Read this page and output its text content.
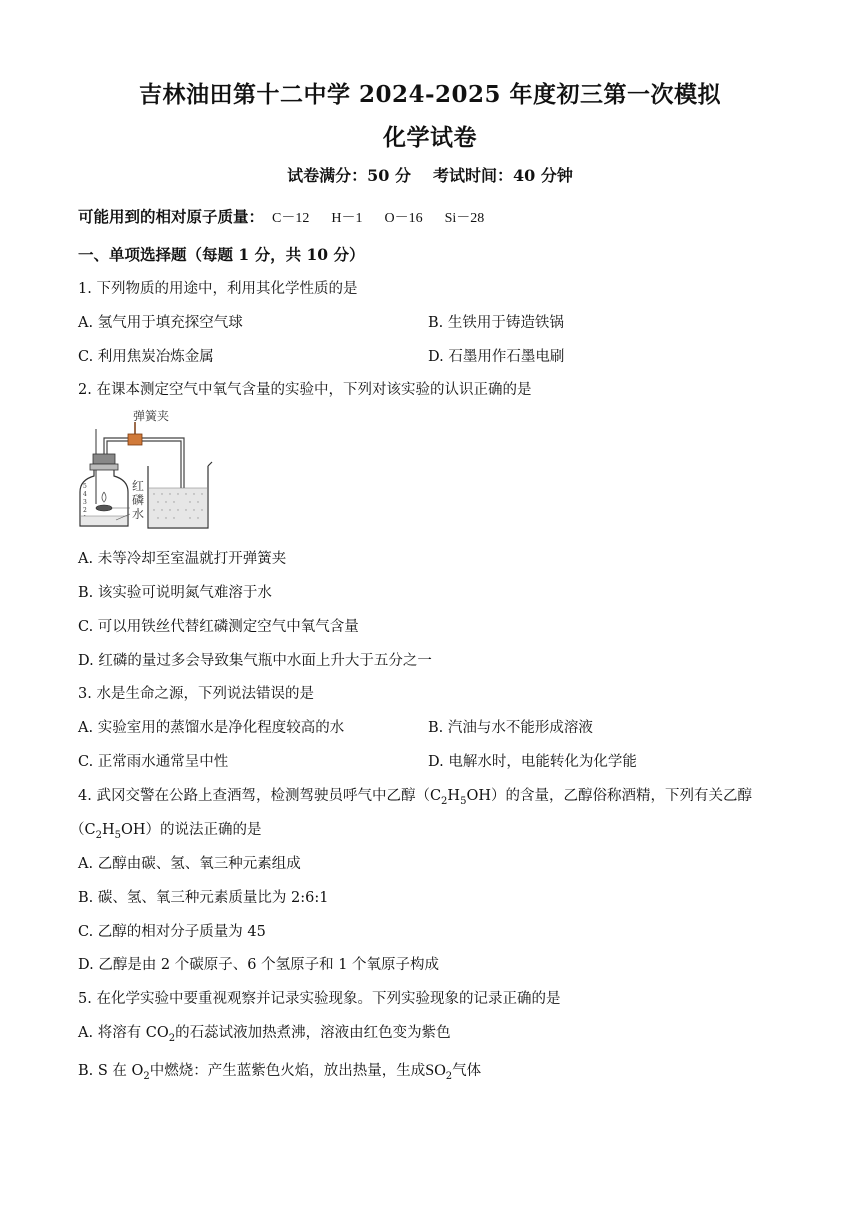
吉林油田第十二中学 2024-2025 年度初三第一次模拟
化学试卷
试卷满分：50 分 考试时间：40 分钟
可能用到的相对原子质量： C－12 H－1 O－16 Si－28
一、单项选择题（每题 1 分，共 10 分）
1. 下列物质的用途中，利用其化学性质的是
A. 氢气用于填充探空气球	B. 生铁用于铸造铁锅
C. 利用焦炭冶炼金属	D. 石墨用作石墨电刷
2. 在课本测定空气中氧气含量的实验中，下列对该实验的认识正确的是
弹簧夹
5
4
3
2
红
磷
水
A. 未等冷却至室温就打开弹簧夹
B. 该实验可说明氮气难溶于水
C. 可以用铁丝代替红磷测定空气中氧气含量
D. 红磷的量过多会导致集气瓶中水面上升大于五分之一
3. 水是生命之源，下列说法错误的是
A. 实验室用的蒸馏水是净化程度较高的水	B. 汽油与水不能形成溶液
C. 正常雨水通常呈中性	D. 电解水时，电能转化为化学能
4. 武冈交警在公路上查酒驾，检测驾驶员呼气中乙醇$(C_2H_5OH)$的含量，乙醇俗称酒精，下列有关乙醇
$(C_2H_5OH)$的说法正确的是
A. 乙醇由碳、氢、氧三种元素组成
B. 碳、氢、氧三种元素质量比为 2:6:1
C. 乙醇的相对分子质量为 45
D. 乙醇是由 2 个碳原子、6 个氢原子和 1 个氧原子构成
5. 在化学实验中要重视观察并记录实验现象。下列实验现象的记录正确的是
A. 将溶有 $CO_2$的石蕊试液加热煮沸，溶液由红色变为紫色
B. S 在 $O_2$中燃烧：产生蓝紫色火焰，放出热量，生成$SO_2$气体
